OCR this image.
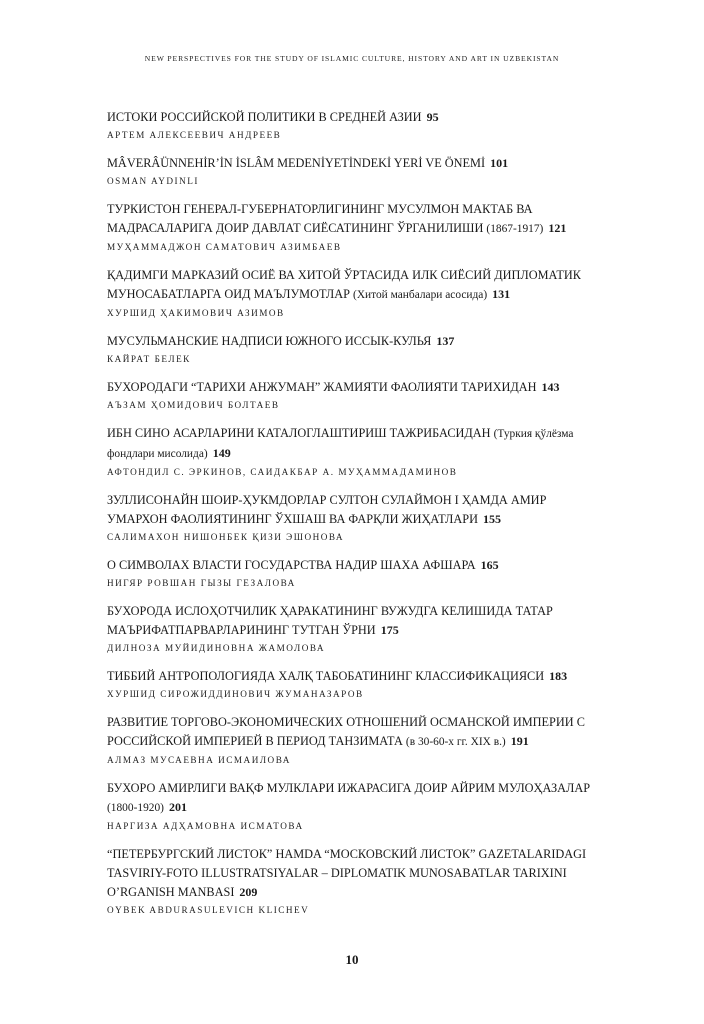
NEW PERSPECTIVES FOR THE STUDY OF ISLAMIC CULTURE, HISTORY AND ART IN UZBEKISTAN
ИСТОКИ РОССИЙСКОЙ ПОЛИТИКИ В СРЕДНЕЙ АЗИИ 95
АРТЕМ АЛЕКСЕЕВИЧ АНДРЕЕВ
MÂVERÂÜNNEHİR’İN İSLÂM MEDENİYETİNDEKİ YERİ VE ÖNEMİ 101
OSMAN AYDINLI
ТУРКИСТОН ГЕНЕРАЛ-ГУБЕРНАТОРЛИГИНИНГ МУСУЛМОН МАКТАБ ВА МАДРАСАЛАРИГА ДОИР ДАВЛАТ СИЁСАТИНИНГ ЎРГАНИЛИШИ (1867-1917) 121
МУҲАММАДЖОН САМАТОВИЧ АЗИМБАЕВ
ҚАДИМГИ МАРКАЗИЙ ОСИЁ ВА ХИТОЙ ЎРТАСИДА ИЛК СИЁСИЙ ДИПЛОМАТИК МУНОСАБАТЛАРГА ОИД МАЪЛУМОТЛАР (Хитой манбалари асосида) 131
ХУРШИД ҲАКИМОВИЧ АЗИМОВ
МУСУЛЬМАНСКИЕ НАДПИСИ ЮЖНОГО ИССЫК-КУЛЬЯ 137
КАЙРАТ БЕЛЕК
БУХОРОДАГИ “ТАРИХИ АНЖУМАН” ЖАМИЯТИ ФАОЛИЯТИ ТАРИХИДАН 143
АЪЗАМ ҲОМИДОВИЧ БОЛТАЕВ
ИБН СИНО АСАРЛАРИНИ КАТАЛОГЛАШТИРИШ ТАЖРИБАСИДАН (Туркия қўлёзма фондлари мисолида) 149
АФТОНДИЛ С. ЭРКИНОВ, САИДАКБАР А. МУҲАММАДАМИНОВ
ЗУЛЛИСОНАЙН ШОИР-ҲУКМДОРЛАР СУЛТОН СУЛАЙМОН I ҲАМДА АМИР УМАРХОН ФАОЛИЯТИНИНГ ЎХШАШ ВА ФАРҚЛИ ЖИҲАТЛАРИ 155
САЛИМАХОН НИШОНБЕК ҚИЗИ ЭШОНОВА
О СИМВОЛАХ ВЛАСТИ ГОСУДАРСТВА НАДИР ШАХА АФШАРА 165
НИГЯР РОВШАН ГЫЗЫ ГЕЗАЛОВА
БУХОРОДА ИСЛОҲОТЧИЛИК ҲАРАКАТИНИНГ ВУЖУДГА КЕЛИШИДА ТАТАР МАЪРИФАТПАРВАРЛАРИНИНГ ТУТГАН ЎРНИ 175
ДИЛНОЗА МУЙИДИНОВНА ЖАМОЛОВА
ТИББИЙ АНТРОПОЛОГИЯДА ХАЛҚ ТАБОБАТИНИНГ КЛАССИФИКАЦИЯСИ 183
ХУРШИД СИРОЖИДДИНОВИЧ ЖУМАНАЗАРОВ
РАЗВИТИЕ ТОРГОВО-ЭКОНОМИЧЕСКИХ ОТНОШЕНИЙ ОСМАНСКОЙ ИМПЕРИИ С РОССИЙСКОЙ ИМПЕРИЕЙ В ПЕРИОД ТАНЗИМАТА (в 30-60-х гг. XIX в.) 191
АЛМАЗ МУСАЕВНА ИСМАИЛОВА
БУХОРО АМИРЛИГИ ВАҚФ МУЛКЛАРИ ИЖАРАСИГА ДОИР АЙРИМ МУЛОҲАЗАЛАР (1800-1920) 201
НАРГИЗА АДҲАМОВНА ИСМАТОВА
“ПЕТЕРБУРГСКИЙ ЛИСТОК” HAMDA “МОСКОВСКИЙ ЛИСТОК” GAZETALARIDAGI TASVIRIY-FOTO ILLUSTRATSIYALAR – DIPLOMATIK MUNOSABATLAR TARIXINI O’RGANISH MANBASI 209
OYBEK ABDURASULEVICH KLICHEV
10
